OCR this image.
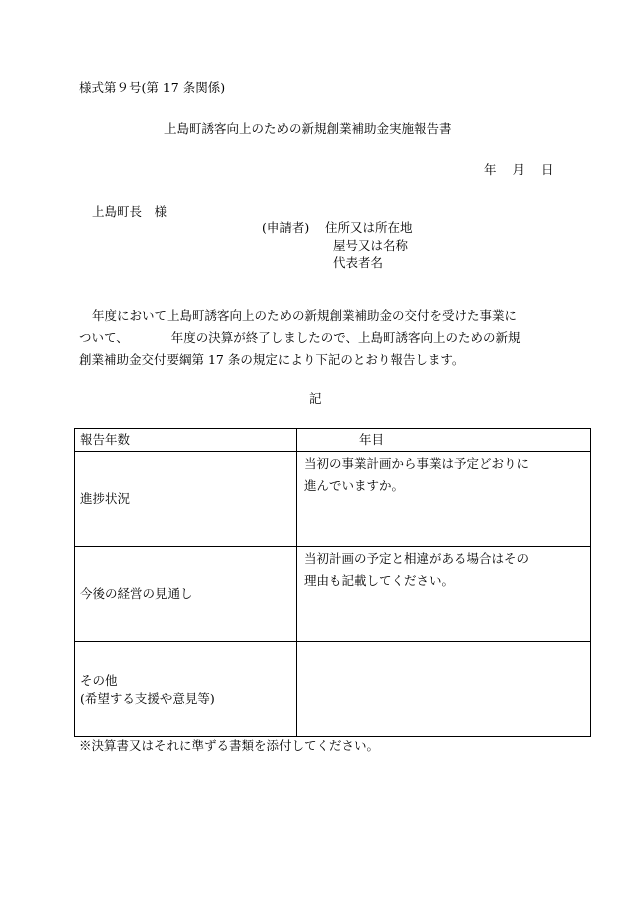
様式第９号(第 17 条関係)
上島町誘客向上のための新規創業補助金実施報告書
年 月 日
上島町長　様
(申請者) 住所又は所在地
屋号又は名称
代表者名
年度において上島町誘客向上のための新規創業補助金の交付を受けた事業に
ついて、	年度の決算が終了しましたので、上島町誘客向上のための新規
創業補助金交付要綱第 17 条の規定により下記のとおり報告します。
記
報告年数	年目

進捗状況	当初の事業計画から事業は予定どおりに
進んでいますか。

今後の経営の見通し	当初計画の予定と相違がある場合はその
理由も記載してください。

その他
(希望する支援や意見等)	

※決算書又はそれに準ずる書類を添付してください。
